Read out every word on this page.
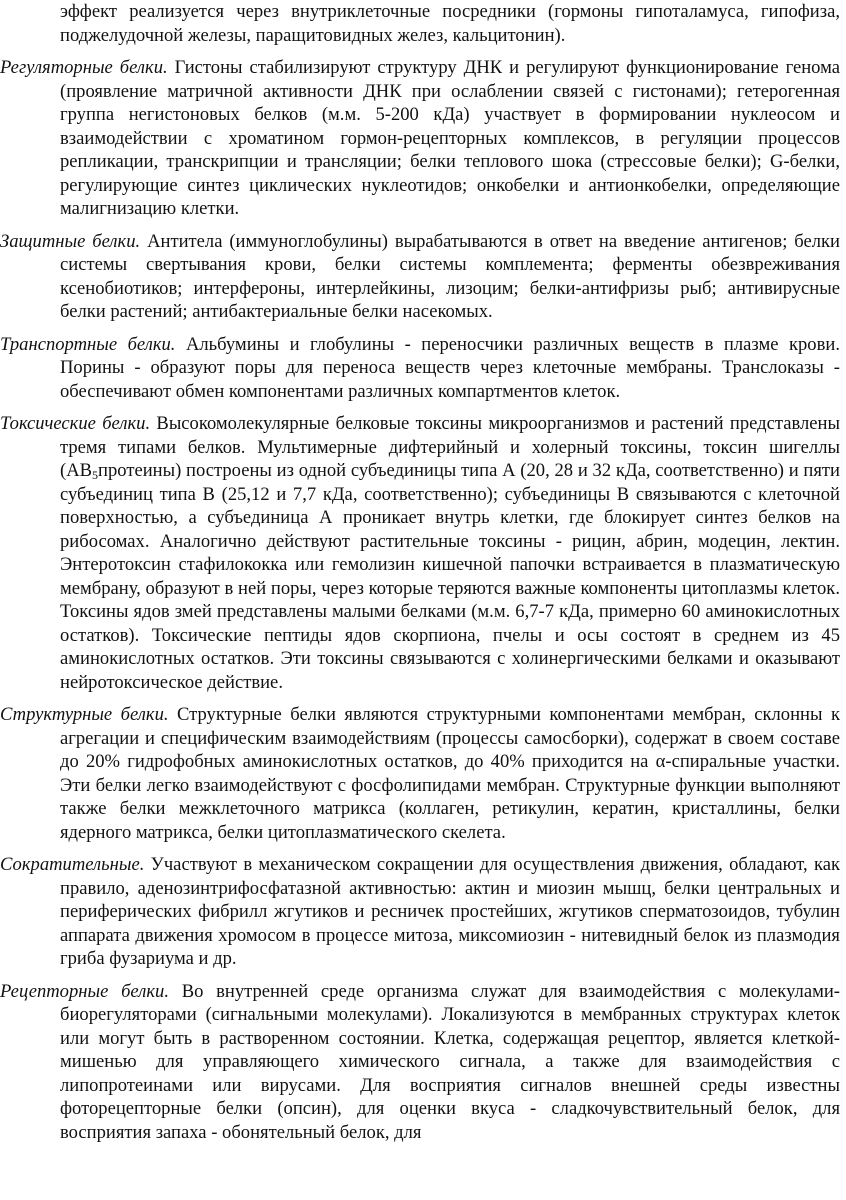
эффект реализуется через внутриклеточные посредники (гормоны гипоталамуса, гипофиза, поджелудочной железы, паращитовидных желез, кальцитонин).

Регуляторные белки. Гистоны стабилизируют структуру ДНК и регулируют функционирование генома (проявление матричной активности ДНК при ослаблении связей с гистонами); гетерогенная группа негистоновых белков (м.м. 5-200 кДа) участвует в формировании нуклеосом и взаимодействии с хроматином гормон-рецепторных комплексов, в регуляции процессов репликации, транскрипции и трансляции; белки теплового шока (стрессовые белки); G-белки, регулирующие синтез циклических нуклеотидов; онкобелки и антионкобелки, определяющие малигнизацию клетки.

Защитные белки. Антитела (иммуноглобулины) вырабатываются в ответ на введение антигенов; белки системы свертывания крови, белки системы комплемента; ферменты обезвреживания ксенобиотиков; интерфероны, интерлейкины, лизоцим; белки-антифризы рыб; антивирусные белки растений; антибактериальные белки насекомых.

Транспортные белки. Альбумины и глобулины - переносчики различных веществ в плазме крови. Порины - образуют поры для переноса веществ через клеточные мембраны. Транслоказы - обеспечивают обмен компонентами различных компартментов клеток.

Токсические белки. Высокомолекулярные белковые токсины микроорганизмов и растений представлены тремя типами белков. Мультимерные дифтерийный и холерный токсины, токсин шигеллы $(AB_5протеины)$ построены из одной субъединицы типа А (20, 28 и 32 кДа, соответственно) и пяти субъединиц типа В (25,12 и 7,7 кДа, соответственно); субъединицы В связываются с клеточной поверхностью, а субъединица А проникает внутрь клетки, где блокирует синтез белков на рибосомах. Аналогично действуют растительные токсины - рицин, абрин, модецин, лектин. Энтеротоксин стафилококка или гемолизин кишечной папочки встраивается в плазматическую мембрану, образуют в ней поры, через которые теряются важные компоненты цитоплазмы клеток. Токсины ядов змей представлены малыми белками (м.м. 6,7-7 кДа, примерно 60 аминокислотных остатков). Токсические пептиды ядов скорпиона, пчелы и осы состоят в среднем из 45 аминокислотных остатков. Эти токсины связываются с холинергическими белками и оказывают нейротоксическое действие.

Структурные белки. Структурные белки являются структурными компонентами мембран, склонны к агрегации и специфическим взаимодействиям (процессы самосборки), содержат в своем составе до 20% гидрофобных аминокислотных остатков, до 40% приходится на α-спиральные участки. Эти белки легко взаимодействуют с фосфолипидами мембран. Структурные функции выполняют также белки межклеточного матрикса (коллаген, ретикулин, кератин, кристаллины, белки ядерного матрикса, белки цитоплазматического скелета.

Сократительные. Участвуют в механическом сокращении для осуществления движения, обладают, как правило, аденозинтрифосфатазной активностью: актин и миозин мышц, белки центральных и периферических фибрилл жгутиков и ресничек простейших, жгутиков сперматозоидов, тубулин аппарата движения хромосом в процессе митоза, миксомиозин - нитевидный белок из плазмодия гриба фузариума и др.

Рецепторные белки. Во внутренней среде организма служат для взаимодействия с молекулами-биорегуляторами (сигнальными молекулами). Локализуются в мембранных структурах клеток или могут быть в растворенном состоянии. Клетка, содержащая рецептор, является клеткой-мишенью для управляющего химического сигнала, а также для взаимодействия с липопротеинами или вирусами. Для восприятия сигналов внешней среды известны фоторецепторные белки (опсин), для оценки вкуса - сладкочувствительный белок, для восприятия запаха - обонятельный белок, для
